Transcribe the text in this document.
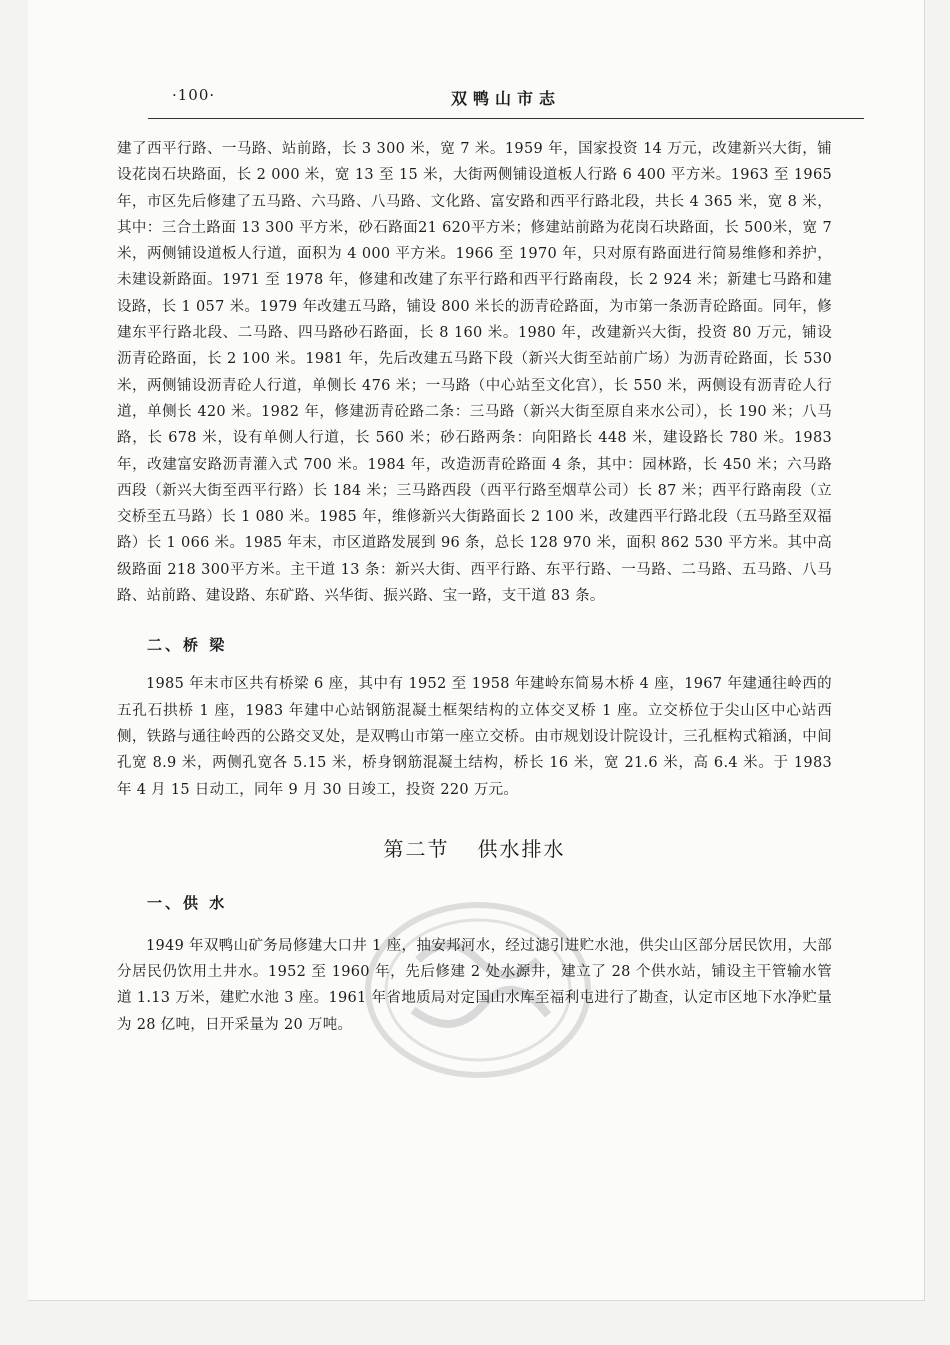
·100·	双鸭山市志

建了西平行路、一马路、站前路，长 3 300 米，宽 7 米。1959 年，国家投资 14 万元，改建新兴大街，铺设花岗石块路面，长 2 000 米，宽 13 至 15 米，大街两侧铺设道板人行路 6 400 平方米。1963 至 1965 年，市区先后修建了五马路、六马路、八马路、文化路、富安路和西平行路北段，共长 4 365 米，宽 8 米，其中：三合土路面 13 300 平方米，砂石路面21 620平方米；修建站前路为花岗石块路面，长 500米，宽 7 米，两侧铺设道板人行道，面积为 4 000 平方米。1966 至 1970 年，只对原有路面进行简易维修和养护，未建设新路面。1971 至 1978 年，修建和改建了东平行路和西平行路南段，长 2 924 米；新建七马路和建设路，长 1 057 米。1979 年改建五马路，铺设 800 米长的沥青砼路面，为市第一条沥青砼路面。同年，修建东平行路北段、二马路、四马路砂石路面，长 8 160 米。1980 年，改建新兴大街，投资 80 万元，铺设沥青砼路面，长 2 100 米。1981 年，先后改建五马路下段（新兴大街至站前广场）为沥青砼路面，长 530 米，两侧铺设沥青砼人行道，单侧长 476 米；一马路（中心站至文化宫），长 550 米，两侧设有沥青砼人行道，单侧长 420 米。1982 年，修建沥青砼路二条：三马路（新兴大街至原自来水公司），长 190 米；八马路，长 678 米，设有单侧人行道，长 560 米；砂石路两条：向阳路长 448 米，建设路长 780 米。1983 年，改建富安路沥青灌入式 700 米。1984 年，改造沥青砼路面 4 条，其中：园林路，长 450 米；六马路西段（新兴大街至西平行路）长 184 米；三马路西段（西平行路至烟草公司）长 87 米；西平行路南段（立交桥至五马路）长 1 080 米。1985 年，维修新兴大街路面长 2 100 米，改建西平行路北段（五马路至双福路）长 1 066 米。1985 年末，市区道路发展到 96 条，总长 128 970 米，面积 862 530 平方米。其中高级路面 218 300平方米。主干道 13 条：新兴大街、西平行路、东平行路、一马路、二马路、五马路、八马路、站前路、建设路、东矿路、兴华街、振兴路、宝一路，支干道 83 条。

二、桥 梁

1985 年末市区共有桥梁 6 座，其中有 1952 至 1958 年建岭东简易木桥 4 座，1967 年建通往岭西的五孔石拱桥 1 座，1983 年建中心站钢筋混凝土框架结构的立体交叉桥 1 座。立交桥位于尖山区中心站西侧，铁路与通往岭西的公路交叉处，是双鸭山市第一座立交桥。由市规划设计院设计，三孔框构式箱涵，中间孔宽 8.9 米，两侧孔宽各 5.15 米，桥身钢筋混凝土结构，桥长 16 米，宽 21.6 米，高 6.4 米。于 1983 年 4 月 15 日动工，同年 9 月 30 日竣工，投资 220 万元。

第二节 供水排水
一、供 水

1949 年双鸭山矿务局修建大口井 1 座，抽安邦河水，经过滤引进贮水池，供尖山区部分居民饮用，大部分居民仍饮用土井水。1952 至 1960 年，先后修建 2 处水源井，建立了 28 个供水站，铺设主干管输水管道 1.13 万米，建贮水池 3 座。1961 年省地质局对定国山水库至福利屯进行了勘查，认定市区地下水净贮量为 28 亿吨，日开采量为 20 万吨。
